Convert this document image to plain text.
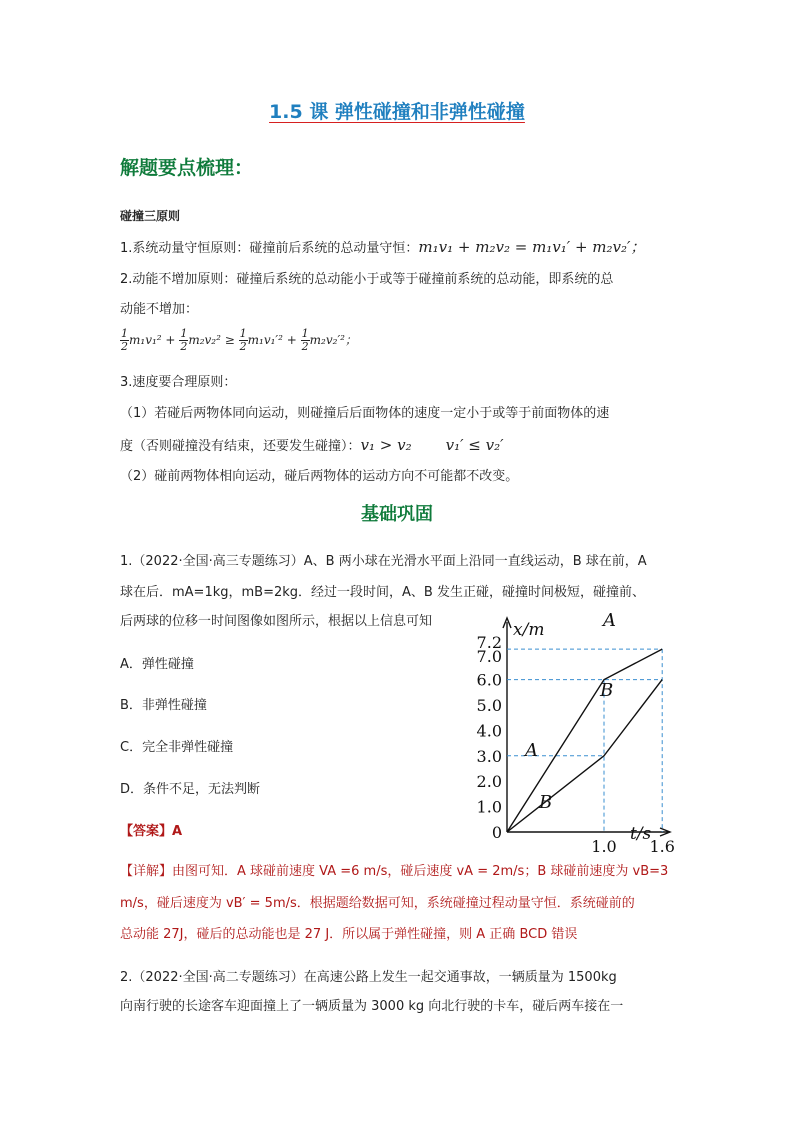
1.5 课 弹性碰撞和非弹性碰撞
解题要点梳理：
碰撞三原则
1.系统动量守恒原则：碰撞前后系统的总动量守恒：m₁v₁ + m₂v₂ = m₁v₁′ + m₂v₂′；
2.动能不增加原则：碰撞后系统的总动能小于或等于碰撞前系统的总动能，即系统的总
动能不增加：
$\frac{1}{2} m_1v_1^2 + \frac{1}{2} m_2v_2^2 \ge \frac{1}{2} m_1v_1'^2 + \frac{1}{2} m_2v_2'^2$；
3.速度要合理原则：
（1）若碰后两物体同向运动，则碰撞后后面物体的速度一定小于或等于前面物体的速
度（否则碰撞没有结束，还要发生碰撞）：v₁ > v₂ v₁′ ≤ v₂′
（2）碰前两物体相向运动，碰后两物体的运动方向不可能都不改变。
基础巩固
1.（2022·全国·高三专题练习）A、B 两小球在光滑水平面上沿同一直线运动，B 球在前，A
球在后．mA=1kg，mB=2kg．经过一段时间，A、B 发生正碰，碰撞时间极短，碰撞前、
后两球的位移一时间图像如图所示，根据以上信息可知
A．弹性碰撞
B．非弹性碰撞
C．完全非弹性碰撞
D．条件不足，无法判断
【答案】A
x/m
t/s
0
1.0
2.0
3.0
4.0
5.0
6.0
7.0
7.2
1.0 1.6
A
B
A
B
【详解】由图可知．A 球碰前速度 VA =6 m/s，碰后速度 vA = 2m/s；B 球碰前速度为 vB=3
m/s，碰后速度为 vB′ = 5m/s．根据题给数据可知，系统碰撞过程动量守恒．系统碰前的
总动能 27J，碰后的总动能也是 27 J．所以属于弹性碰撞，则 A 正确 BCD 错误
2.（2022·全国·高二专题练习）在高速公路上发生一起交通事故，一辆质量为 1500kg
向南行驶的长途客车迎面撞上了一辆质量为 3000 kg 向北行驶的卡车，碰后两车接在一
